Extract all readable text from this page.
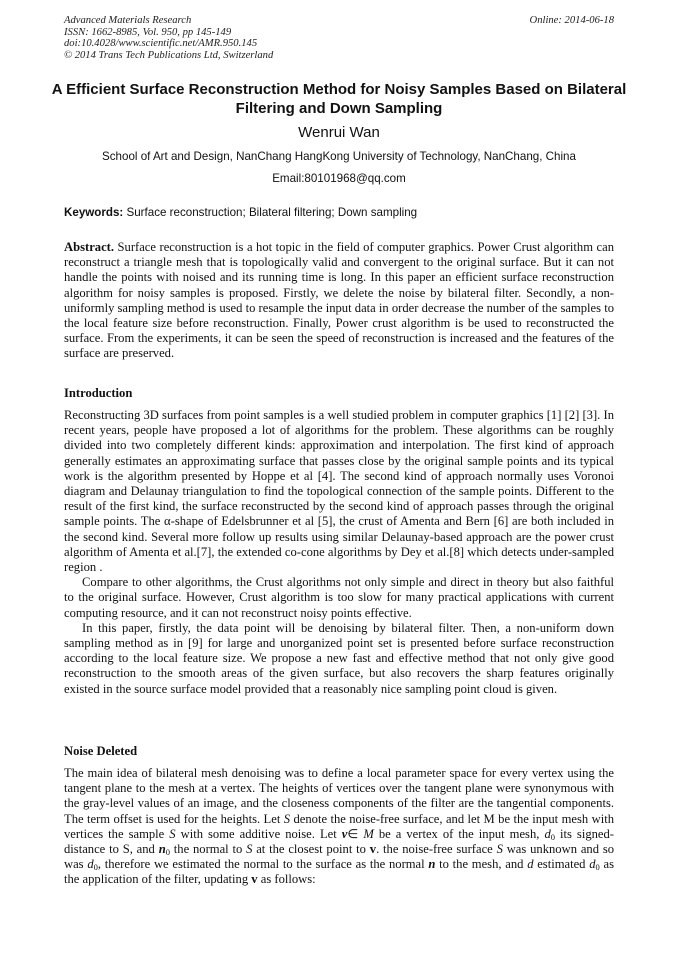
Advanced Materials Research
ISSN: 1662-8985, Vol. 950, pp 145-149
doi:10.4028/www.scientific.net/AMR.950.145
© 2014 Trans Tech Publications Ltd, Switzerland
Online: 2014-06-18
A Efficient Surface Reconstruction Method for Noisy Samples Based on Bilateral Filtering and Down Sampling
Wenrui Wan
School of Art and Design, NanChang HangKong University of Technology, NanChang, China
Email:80101968@qq.com
Keywords: Surface reconstruction; Bilateral filtering; Down sampling

Abstract. Surface reconstruction is a hot topic in the field of computer graphics. Power Crust algorithm can reconstruct a triangle mesh that is topologically valid and convergent to the original surface. But it can not handle the points with noised and its running time is long. In this paper an efficient surface reconstruction algorithm for noisy samples is proposed. Firstly, we delete the noise by bilateral filter. Secondly, a non-uniformly sampling method is used to resample the input data in order decrease the number of the samples to the local feature size before reconstruction. Finally, Power crust algorithm is be used to reconstructed the surface. From the experiments, it can be seen the speed of reconstruction is increased and the features of the surface are preserved.

Introduction

Reconstructing 3D surfaces from point samples is a well studied problem in computer graphics [1] [2] [3]. In recent years, people have proposed a lot of algorithms for the problem. These algorithms can be roughly divided into two completely different kinds: approximation and interpolation. The first kind of approach generally estimates an approximating surface that passes close by the original sample points and its typical work is the algorithm presented by Hoppe et al [4]. The second kind of approach normally uses Voronoi diagram and Delaunay triangulation to find the topological connection of the sample points. Different to the result of the first kind, the surface reconstructed by the second kind of approach passes through the original sample points. The α-shape of Edelsbrunner et al [5], the crust of Amenta and Bern [6] are both included in the second kind. Several more follow up results using similar Delaunay-based approach are the power crust algorithm of Amenta et al.[7], the extended co-cone algorithms by Dey et al.[8] which detects under-sampled region .

Compare to other algorithms, the Crust algorithms not only simple and direct in theory but also faithful to the original surface. However, Crust algorithm is too slow for many practical applications with current computing resource, and it can not reconstruct noisy points effective.

In this paper, firstly, the data point will be denoising by bilateral filter. Then, a non-uniform down sampling method as in [9] for large and unorganized point set is presented before surface reconstruction according to the local feature size. We propose a new fast and effective method that not only give good reconstruction to the smooth areas of the given surface, but also recovers the sharp features originally existed in the source surface model provided that a reasonably nice sampling point cloud is given.

Noise Deleted

The main idea of bilateral mesh denoising was to define a local parameter space for every vertex using the tangent plane to the mesh at a vertex. The heights of vertices over the tangent plane were synonymous with the gray-level values of an image, and the closeness components of the filter are the tangential components. The term offset is used for the heights. Let S denote the noise-free surface, and let M be the input mesh with vertices the sample S with some additive noise. Let v∈ M be a vertex of the input mesh, $d_0$ its signed-distance to S, and $n_0$ the normal to S at the closest point to v. the noise-free surface S was unknown and so was $d_0$, therefore we estimated the normal to the surface as the normal n to the mesh, and d estimated $d_0$ as the application of the filter, updating v as follows:
